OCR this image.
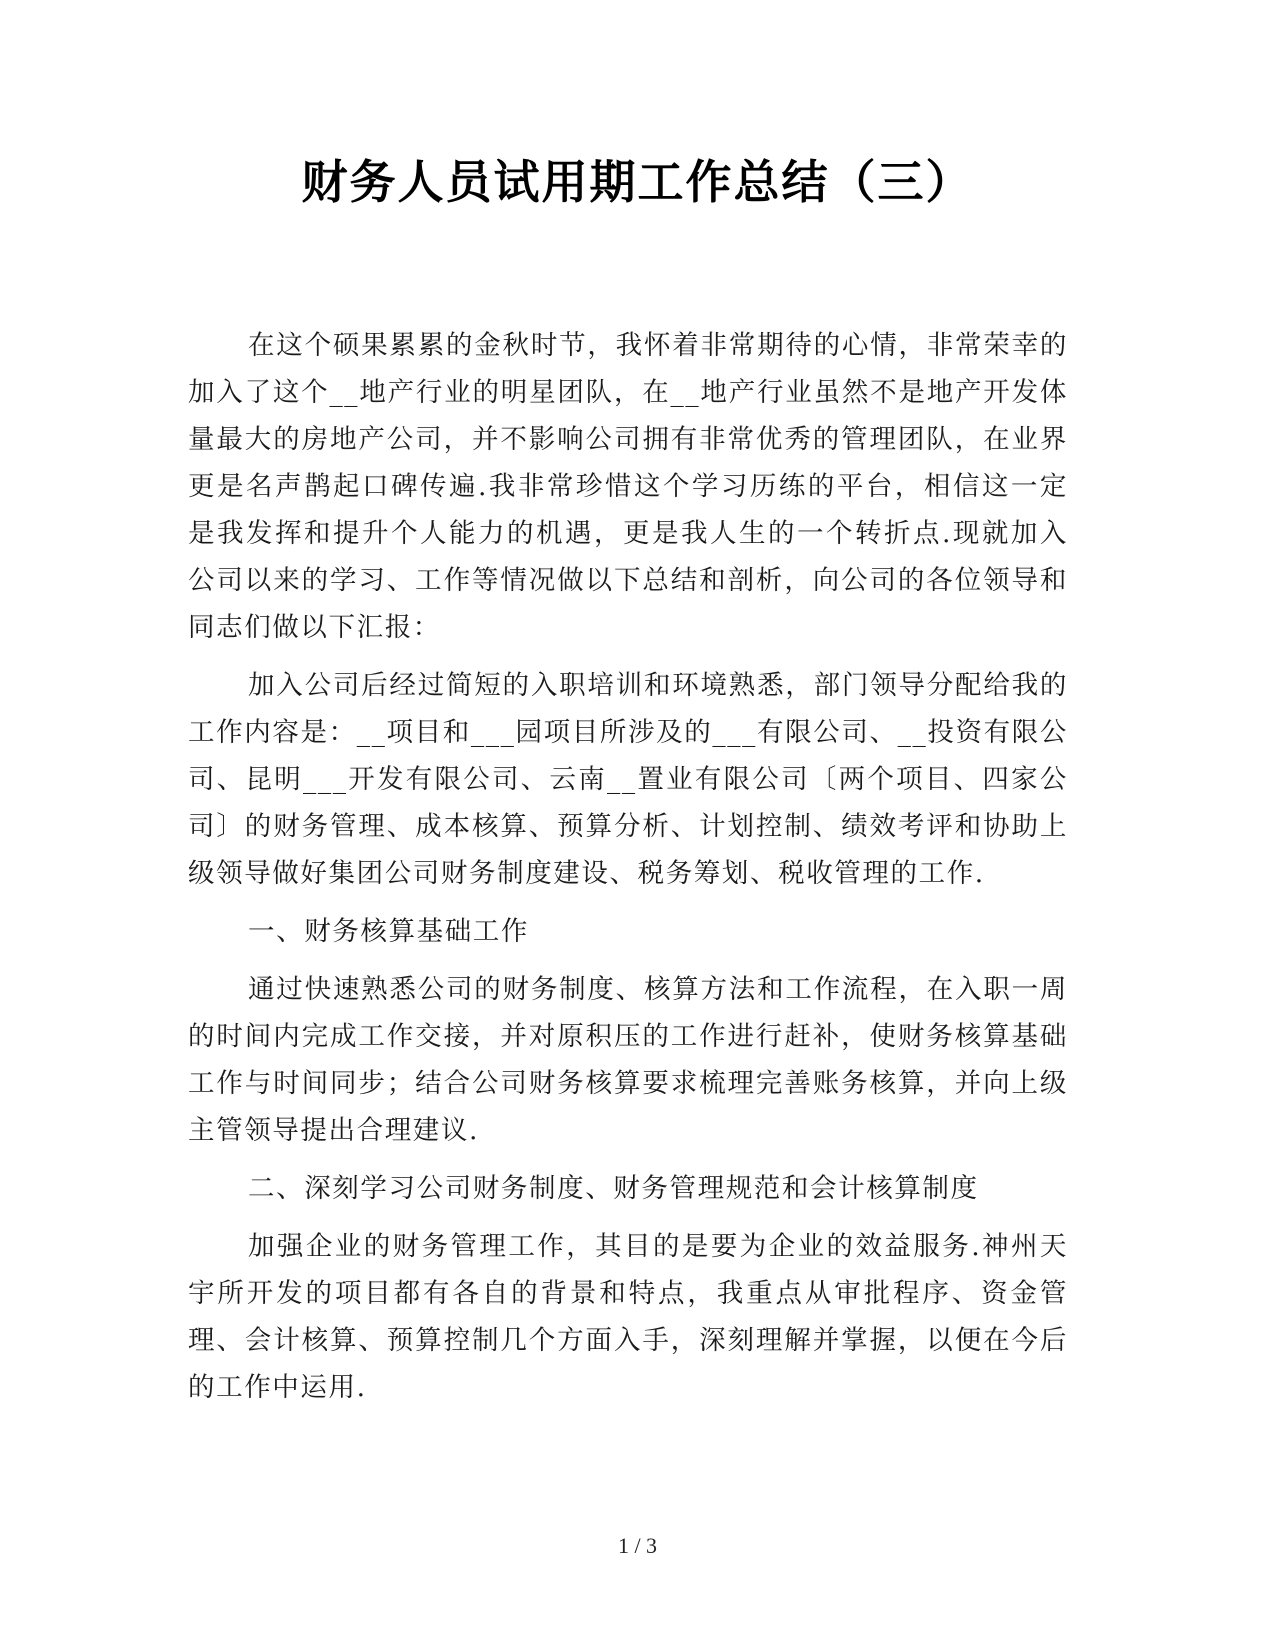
财务人员试用期工作总结（三）

在这个硕果累累的金秋时节，我怀着非常期待的心情，非常荣幸的加入了这个__地产行业的明星团队，在__地产行业虽然不是地产开发体量最大的房地产公司，并不影响公司拥有非常优秀的管理团队，在业界更是名声鹊起口碑传遍.我非常珍惜这个学习历练的平台，相信这一定是我发挥和提升个人能力的机遇，更是我人生的一个转折点.现就加入公司以来的学习、工作等情况做以下总结和剖析，向公司的各位领导和同志们做以下汇报：

加入公司后经过简短的入职培训和环境熟悉，部门领导分配给我的工作内容是：__项目和___园项目所涉及的___有限公司、__投资有限公司、昆明___开发有限公司、云南__置业有限公司〔两个项目、四家公司〕的财务管理、成本核算、预算分析、计划控制、绩效考评和协助上级领导做好集团公司财务制度建设、税务筹划、税收管理的工作.

一、财务核算基础工作

通过快速熟悉公司的财务制度、核算方法和工作流程，在入职一周的时间内完成工作交接，并对原积压的工作进行赶补，使财务核算基础工作与时间同步；结合公司财务核算要求梳理完善账务核算，并向上级主管领导提出合理建议.

二、深刻学习公司财务制度、财务管理规范和会计核算制度

加强企业的财务管理工作，其目的是要为企业的效益服务.神州天宇所开发的项目都有各自的背景和特点，我重点从审批程序、资金管理、会计核算、预算控制几个方面入手，深刻理解并掌握，以便在今后的工作中运用.

1 / 3
